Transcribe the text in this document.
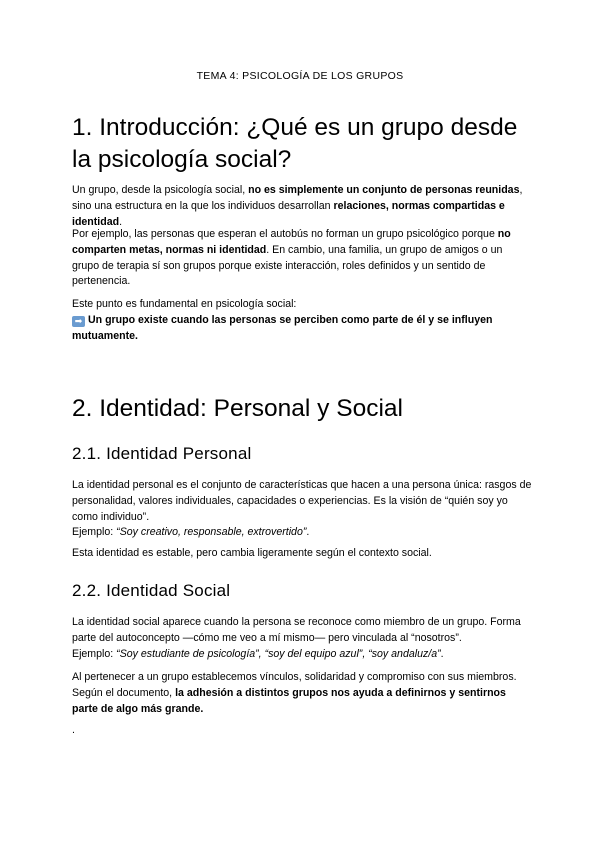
TEMA 4: PSICOLOGÍA DE LOS GRUPOS
1. Introducción: ¿Qué es un grupo desde la psicología social?

Un grupo, desde la psicología social, no es simplemente un conjunto de personas reunidas, sino una estructura en la que los individuos desarrollan relaciones, normas compartidas e identidad.

Por ejemplo, las personas que esperan el autobús no forman un grupo psicológico porque no comparten metas, normas ni identidad. En cambio, una familia, un grupo de amigos o un grupo de terapia sí son grupos porque existe interacción, roles definidos y un sentido de pertenencia.

Este punto es fundamental en psicología social:
➡ Un grupo existe cuando las personas se perciben como parte de él y se influyen mutuamente.

2. Identidad: Personal y Social
2.1. Identidad Personal

La identidad personal es el conjunto de características que hacen a una persona única: rasgos de personalidad, valores individuales, capacidades o experiencias. Es la visión de “quién soy yo como individuo”.
Ejemplo: “Soy creativo, responsable, extrovertido”.

Esta identidad es estable, pero cambia ligeramente según el contexto social.

2.2. Identidad Social

La identidad social aparece cuando la persona se reconoce como miembro de un grupo. Forma parte del autoconcepto —cómo me veo a mí mismo— pero vinculada al “nosotros”.
Ejemplo: “Soy estudiante de psicología”, “soy del equipo azul”, “soy andaluz/a”.

Al pertenecer a un grupo establecemos vínculos, solidaridad y compromiso con sus miembros. Según el documento, la adhesión a distintos grupos nos ayuda a definirnos y sentirnos parte de algo más grande.

.
